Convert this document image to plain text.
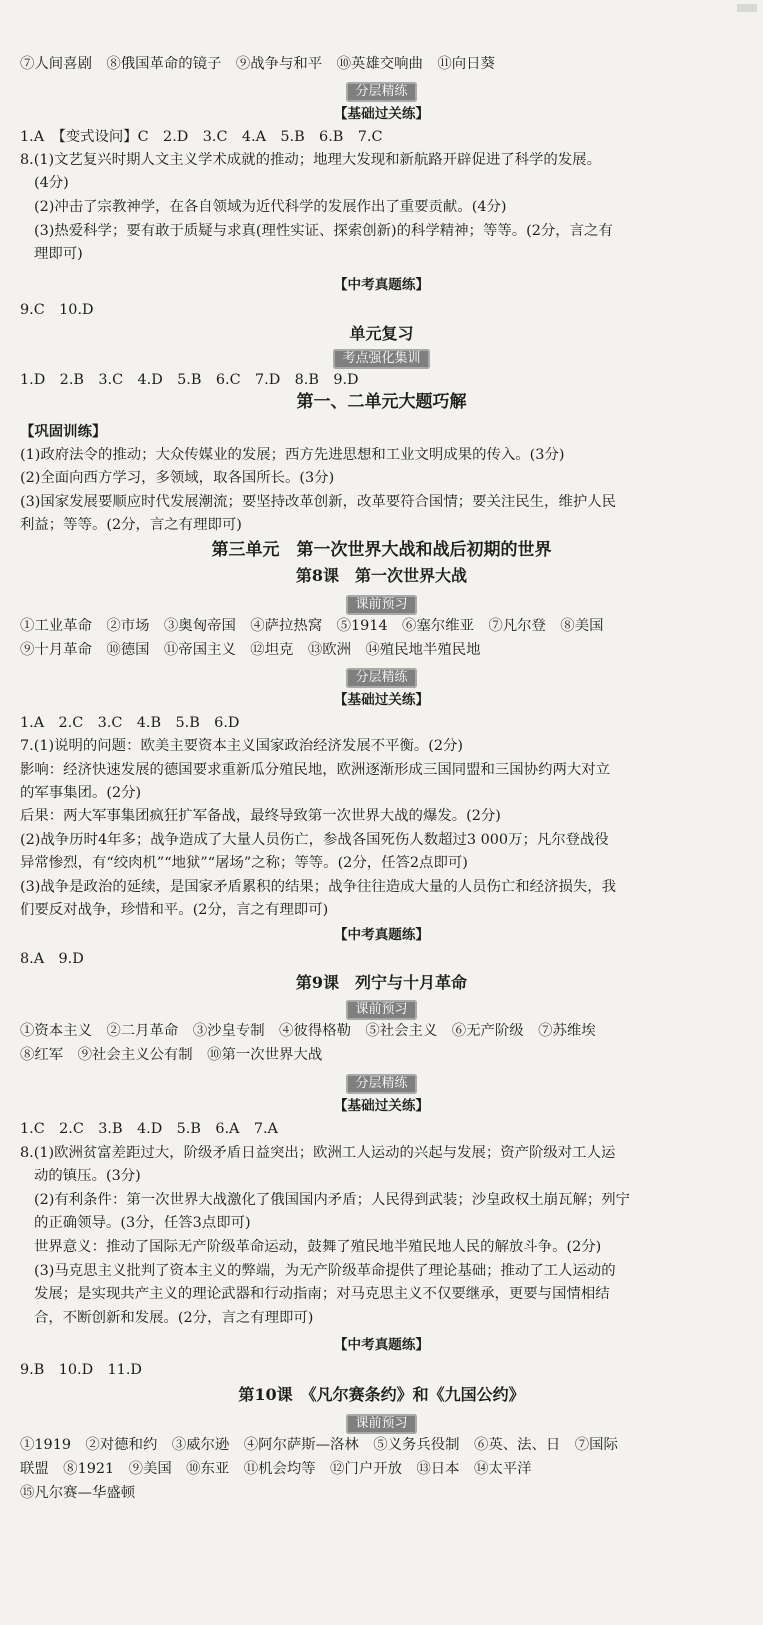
⑦人间喜剧　⑧俄国革命的镜子　⑨战争与和平　⑩英雄交响曲　⑪向日葵
分层精练
【基础过关练】
1.A　【变式设问】C　2.D　3.C　4.A　5.B　6.B　7.C
8.(1)文艺复兴时期人文主义学术成就的推动；地理大发现和新航路开辟促进了科学的发展。
(4分)
(2)冲击了宗教神学，在各自领域为近代科学的发展作出了重要贡献。(4分)
(3)热爱科学；要有敢于质疑与求真(理性实证、探索创新)的科学精神；等等。(2分，言之有
理即可)
【中考真题练】
9.C　10.D
单元复习
考点强化集训
1.D　2.B　3.C　4.D　5.B　6.C　7.D　8.B　9.D
第一、二单元大题巧解
【巩固训练】
(1)政府法令的推动；大众传媒业的发展；西方先进思想和工业文明成果的传入。(3分)
(2)全面向西方学习，多领域，取各国所长。(3分)
(3)国家发展要顺应时代发展潮流；要坚持改革创新，改革要符合国情；要关注民生，维护人民
利益；等等。(2分，言之有理即可)
第三单元　第一次世界大战和战后初期的世界
第8课　第一次世界大战
课前预习
①工业革命　②市场　③奥匈帝国　④萨拉热窝　⑤1914　⑥塞尔维亚　⑦凡尔登　⑧美国
⑨十月革命　⑩德国　⑪帝国主义　⑫坦克　⑬欧洲　⑭殖民地半殖民地
分层精练
【基础过关练】
1.A　2.C　3.C　4.B　5.B　6.D
7.(1)说明的问题：欧美主要资本主义国家政治经济发展不平衡。(2分)
影响：经济快速发展的德国要求重新瓜分殖民地，欧洲逐渐形成三国同盟和三国协约两大对立
的军事集团。(2分)
后果：两大军事集团疯狂扩军备战，最终导致第一次世界大战的爆发。(2分)
(2)战争历时4年多；战争造成了大量人员伤亡，参战各国死伤人数超过3 000万；凡尔登战役
异常惨烈，有“绞肉机”“地狱”“屠场”之称；等等。(2分，任答2点即可)
(3)战争是政治的延续，是国家矛盾累积的结果；战争往往造成大量的人员伤亡和经济损失，我
们要反对战争，珍惜和平。(2分，言之有理即可)
【中考真题练】
8.A　9.D
第9课　列宁与十月革命
课前预习
①资本主义　②二月革命　③沙皇专制　④彼得格勒　⑤社会主义　⑥无产阶级　⑦苏维埃
⑧红军　⑨社会主义公有制　⑩第一次世界大战
分层精练
【基础过关练】
1.C　2.C　3.B　4.D　5.B　6.A　7.A
8.(1)欧洲贫富差距过大，阶级矛盾日益突出；欧洲工人运动的兴起与发展；资产阶级对工人运
动的镇压。(3分)
(2)有利条件：第一次世界大战激化了俄国国内矛盾；人民得到武装；沙皇政权土崩瓦解；列宁
的正确领导。(3分，任答3点即可)
世界意义：推动了国际无产阶级革命运动，鼓舞了殖民地半殖民地人民的解放斗争。(2分)
(3)马克思主义批判了资本主义的弊端，为无产阶级革命提供了理论基础；推动了工人运动的
发展；是实现共产主义的理论武器和行动指南；对马克思主义不仅要继承，更要与国情相结
合，不断创新和发展。(2分，言之有理即可)
【中考真题练】
9.B　10.D　11.D
第10课　《凡尔赛条约》和《九国公约》
课前预习
①1919　②对德和约　③威尔逊　④阿尔萨斯—洛林　⑤义务兵役制　⑥英、法、日　⑦国际
联盟　⑧1921　⑨美国　⑩东亚　⑪机会均等　⑫门户开放　⑬日本　⑭太平洋
⑮凡尔赛—华盛顿
